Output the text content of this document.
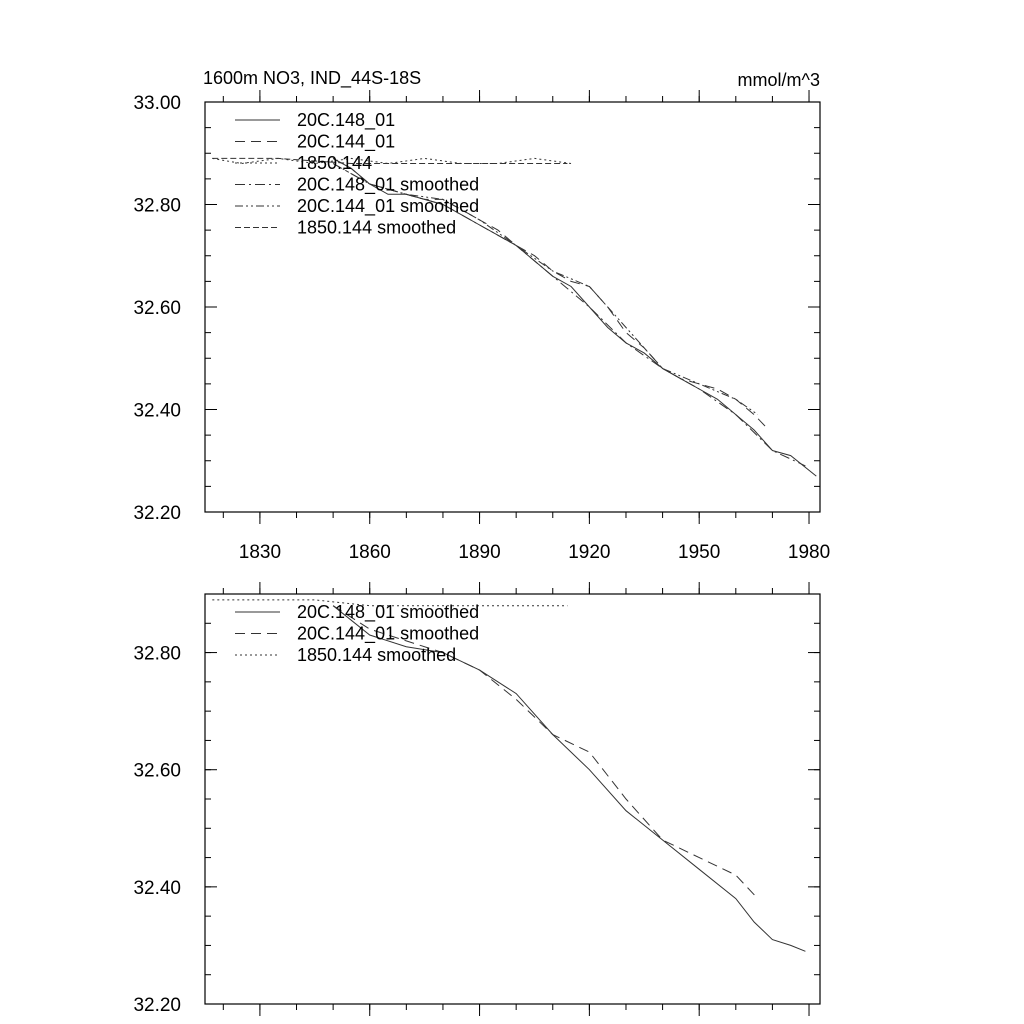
1600m NO3, IND_44S-18S	mmol/m^3
32.20
32.40
32.60
32.80
33.00
1830	1860	1890	1920	1950	1980
20C.148_01
20C.144_01
1850.144
20C.148_01 smoothed
20C.144_01 smoothed
1850.144 smoothed
32.20
32.40
32.60
32.80
20C.148_01 smoothed
20C.144_01 smoothed
1850.144 smoothed
